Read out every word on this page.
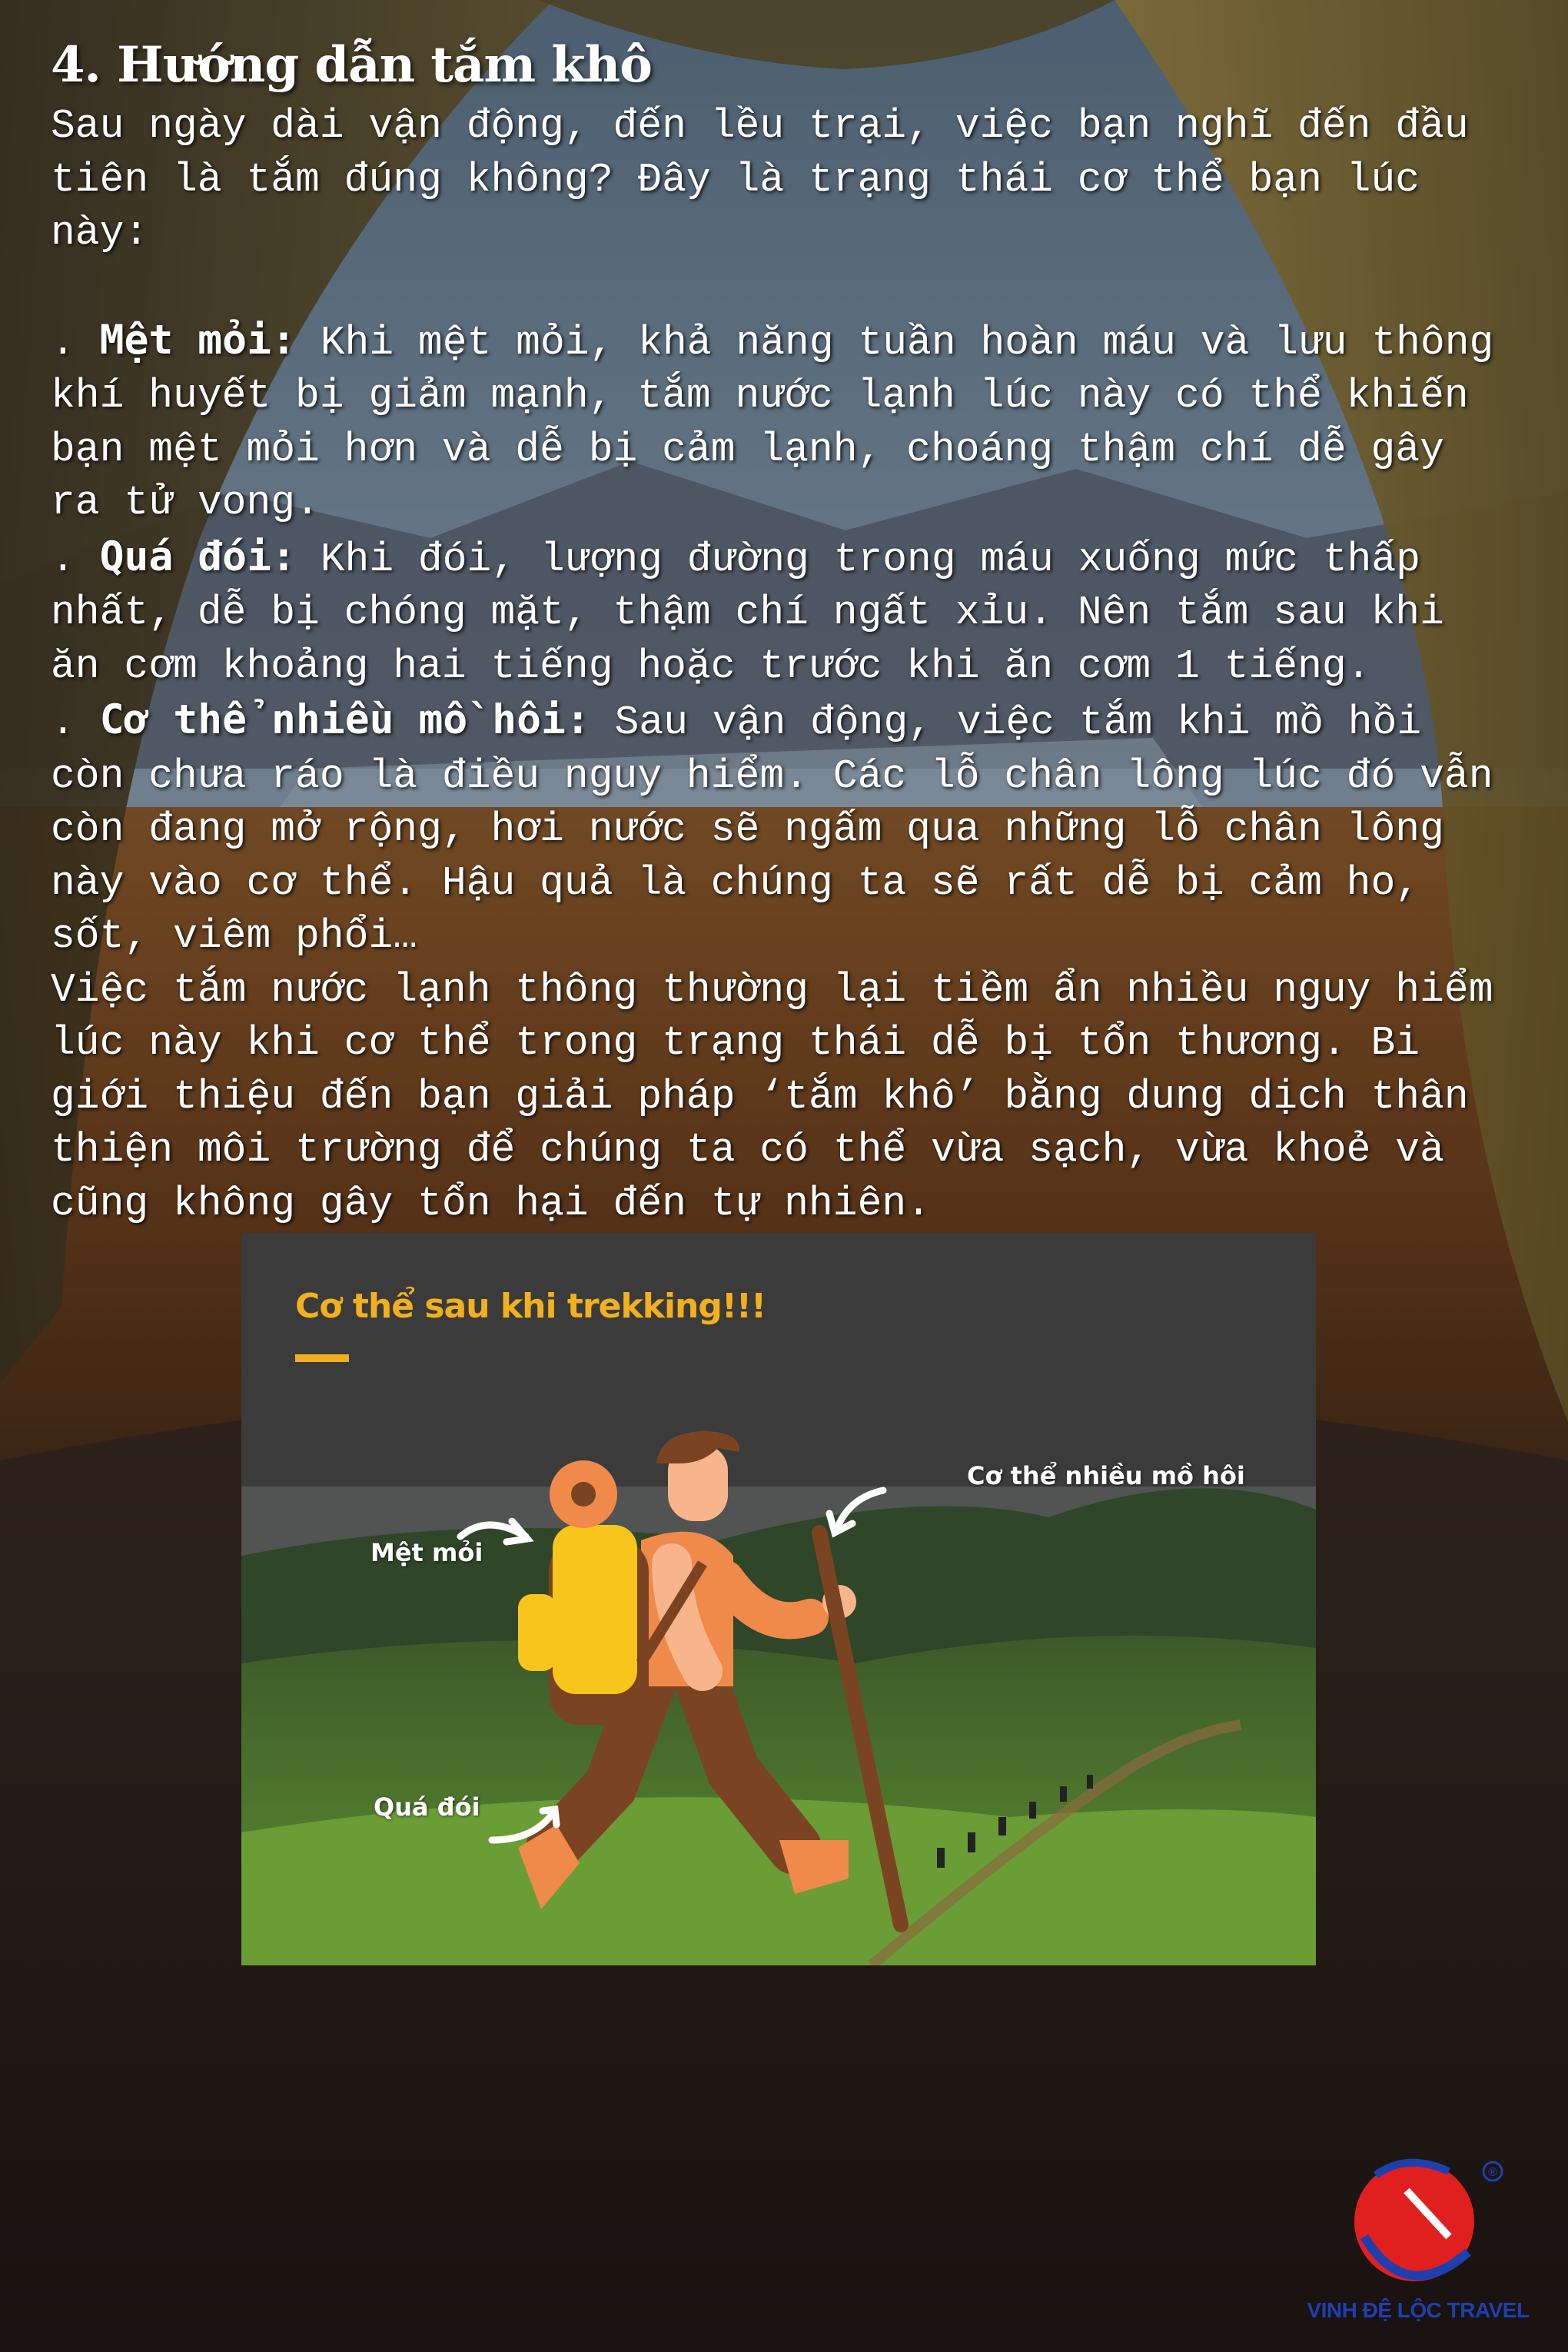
4. Hướng dẫn tắm khô

Sau ngày dài vận động, đến lều trại, việc bạn nghĩ đến đầu tiên là tắm đúng không? Đây là trạng thái cơ thể bạn lúc này:

. Mệt mỏi: Khi mệt mỏi, khả năng tuần hoàn máu và lưu thông khí huyết bị giảm mạnh, tắm nước lạnh lúc này có thể khiến bạn mệt mỏi hơn và dễ bị cảm lạnh, choáng thậm chí dễ gây ra tử vong.

. Quá đói: Khi đói, lượng đường trong máu xuống mức thấp nhất, dễ bị chóng mặt, thậm chí ngất xỉu. Nên tắm sau khi ăn cơm khoảng hai tiếng hoặc trước khi ăn cơm 1 tiếng.

. Cơ thể nhiều mồ hôi: Sau vận động, việc tắm khi mồ hồi còn chưa ráo là điều nguy hiểm. Các lỗ chân lông lúc đó vẫn còn đang mở rộng, hơi nước sẽ ngấm qua những lỗ chân lông này vào cơ thể. Hậu quả là chúng ta sẽ rất dễ bị cảm ho, sốt, viêm phổi…

Việc tắm nước lạnh thông thường lại tiềm ẩn nhiều nguy hiểm lúc này khi cơ thể trong trạng thái dễ bị tổn thương. Bi giới thiệu đến bạn giải pháp ‘tắm khô’ bằng dung dịch thân thiện môi trường để chúng ta có thể vừa sạch, vừa khoẻ và cũng không gây tổn hại đến tự nhiên.

Cơ thể sau khi trekking!!!
Mệt mỏi
Quá đói
Cơ thể nhiều mồ hôi
®
VINH ĐỆ LỘC TRAVEL
